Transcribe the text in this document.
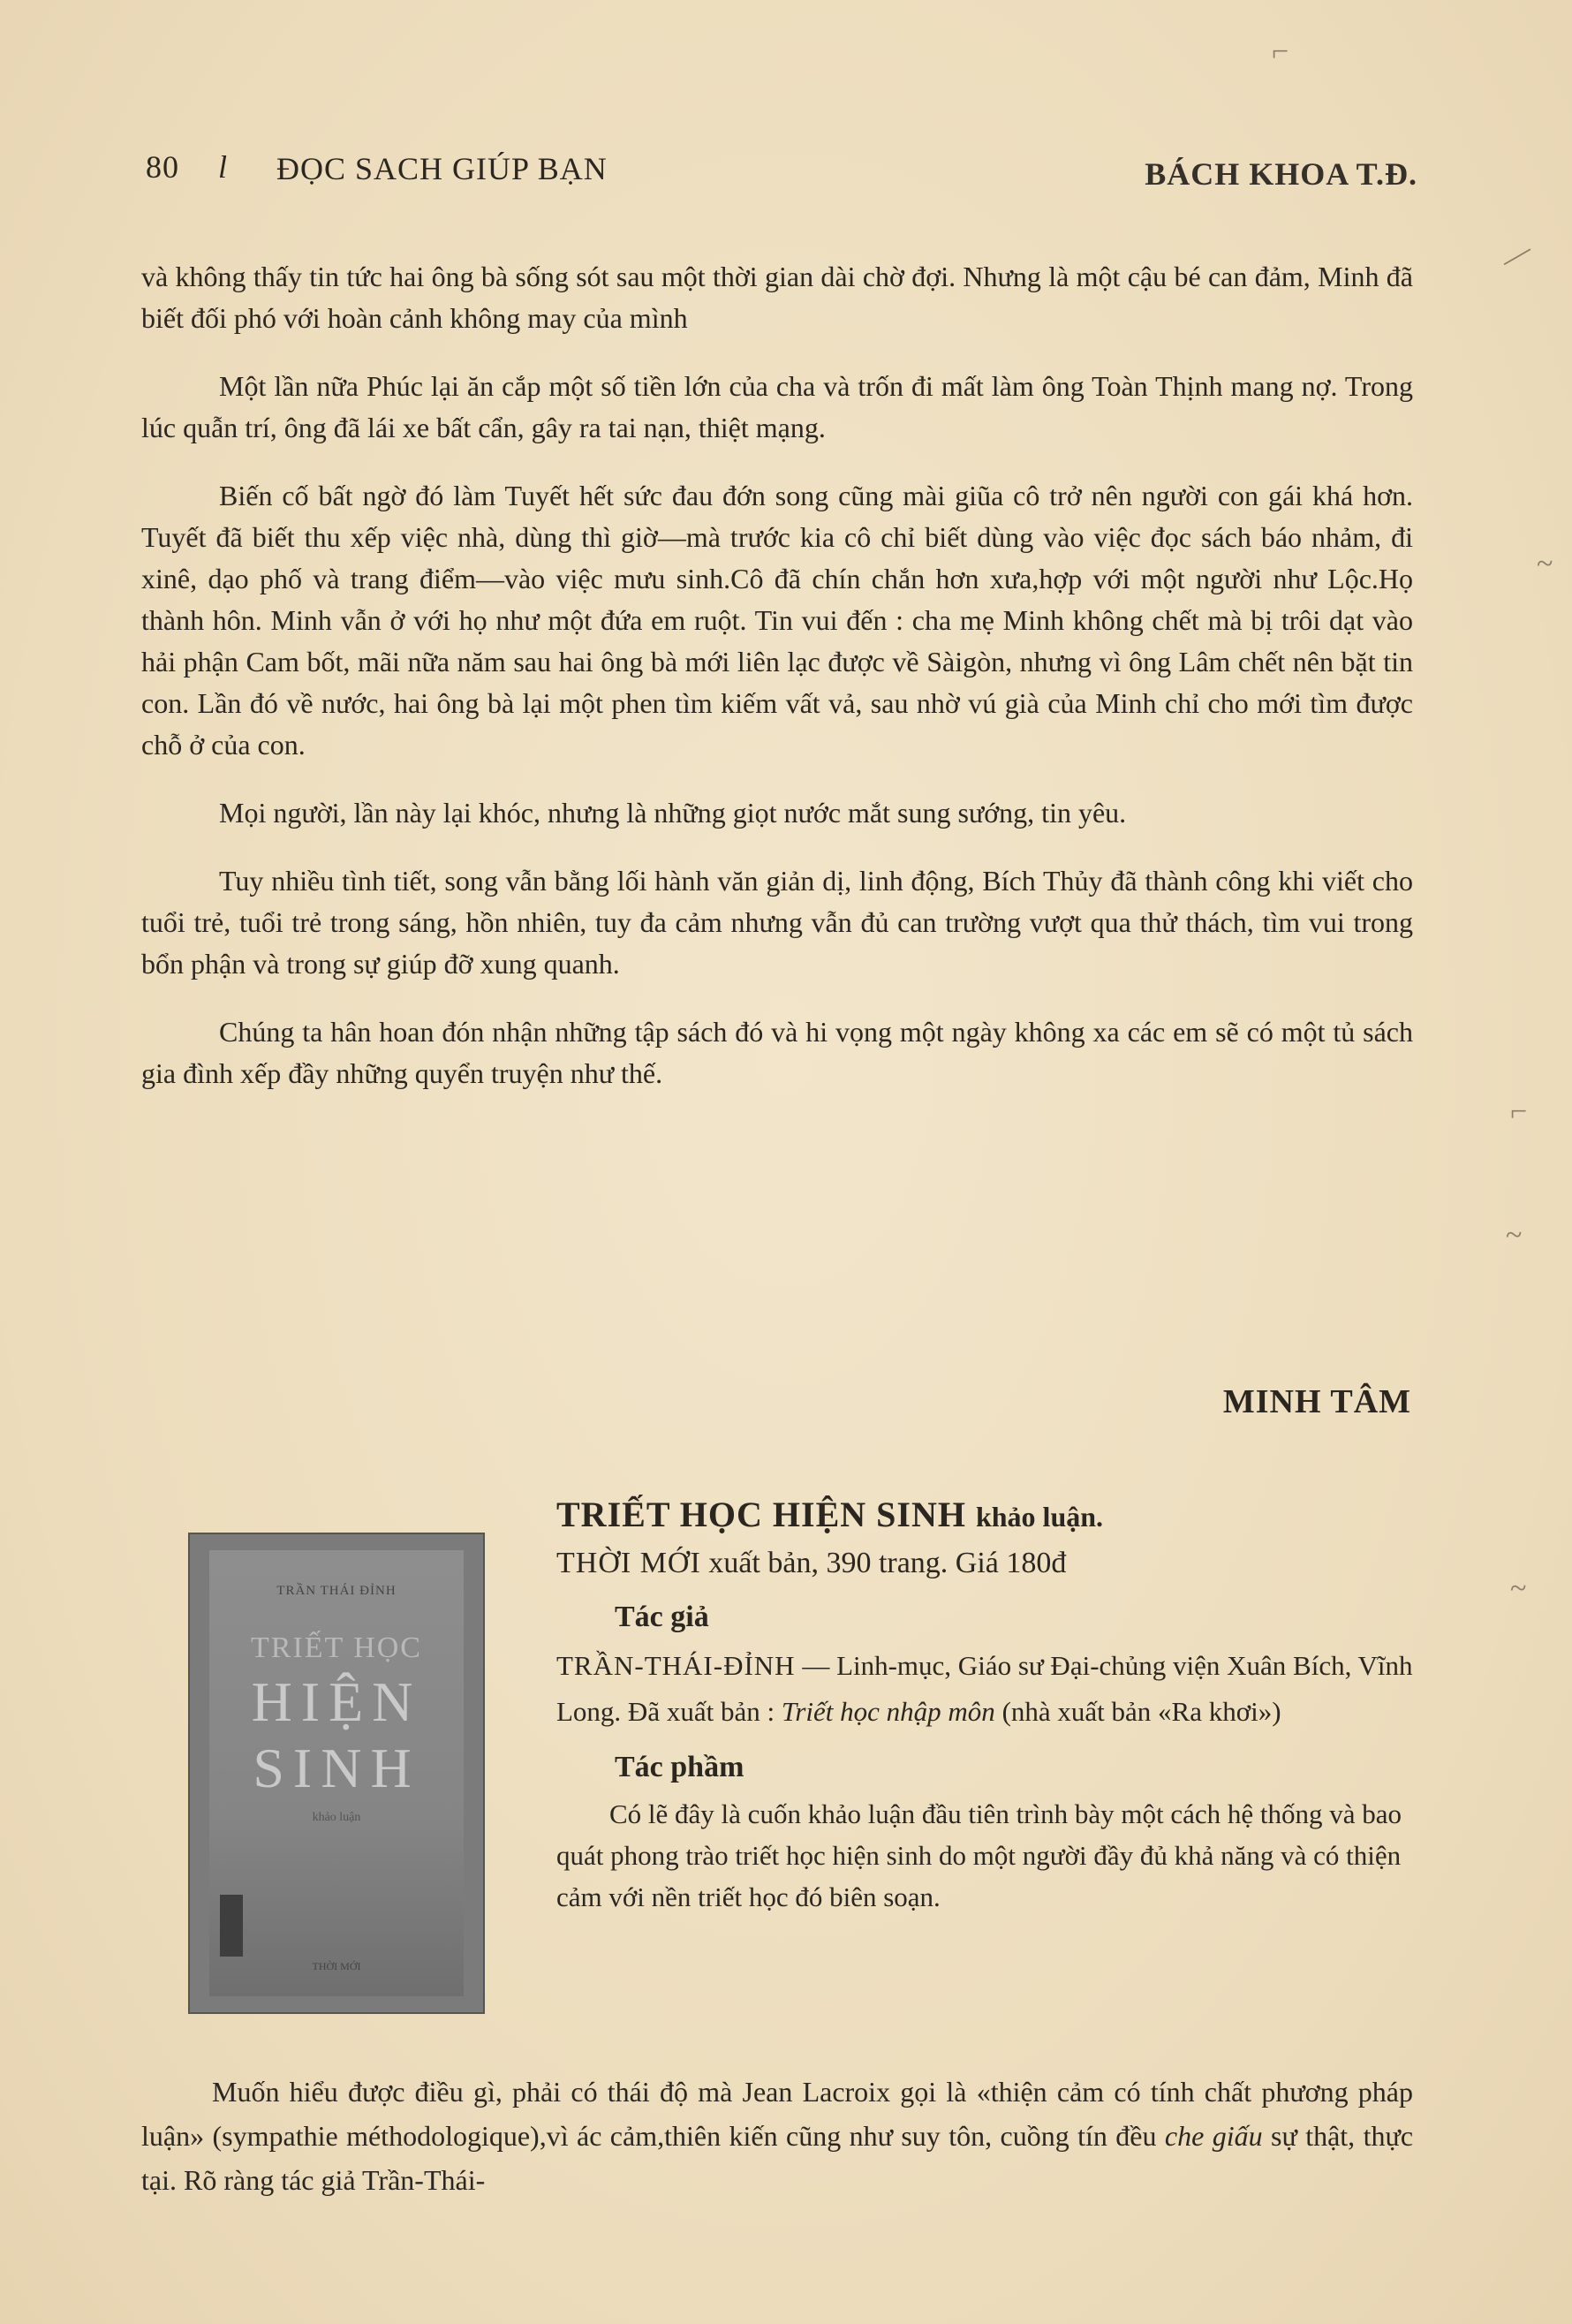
80 l ĐỌC SACH GIÚP BẠN	BÁCH KHOA T.Đ.

và không thấy tin tức hai ông bà sống sót sau một thời gian dài chờ đợi. Nhưng là một cậu bé can đảm, Minh đã biết đối phó với hoàn cảnh không may của mình

Một lần nữa Phúc lại ăn cắp một số tiền lớn của cha và trốn đi mất làm ông Toàn Thịnh mang nợ. Trong lúc quẫn trí, ông đã lái xe bất cẩn, gây ra tai nạn, thiệt mạng.

Biến cố bất ngờ đó làm Tuyết hết sức đau đớn song cũng mài giũa cô trở nên người con gái khá hơn. Tuyết đã biết thu xếp việc nhà, dùng thì giờ—mà trước kia cô chỉ biết dùng vào việc đọc sách báo nhảm, đi xinê, dạo phố và trang điểm—vào việc mưu sinh.Cô đã chín chắn hơn xưa,hợp với một người như Lộc.Họ thành hôn. Minh vẫn ở với họ như một đứa em ruột. Tin vui đến : cha mẹ Minh không chết mà bị trôi dạt vào hải phận Cam bốt, mãi nữa năm sau hai ông bà mới liên lạc được về Sàigòn, nhưng vì ông Lâm chết nên bặt tin con. Lần đó về nước, hai ông bà lại một phen tìm kiếm vất vả, sau nhờ vú già của Minh chỉ cho mới tìm được chỗ ở của con.

Mọi người, lần này lại khóc, nhưng là những giọt nước mắt sung sướng, tin yêu.

Tuy nhiều tình tiết, song vẫn bằng lối hành văn giản dị, linh động, Bích Thủy đã thành công khi viết cho tuổi trẻ, tuổi trẻ trong sáng, hồn nhiên, tuy đa cảm nhưng vẫn đủ can trường vượt qua thử thách, tìm vui trong bổn phận và trong sự giúp đỡ xung quanh.

Chúng ta hân hoan đón nhận những tập sách đó và hi vọng một ngày không xa các em sẽ có một tủ sách gia đình xếp đầy những quyển truyện như thế.

MINH TÂM
TRẦN THÁI ĐỈNH
TRIẾT HỌC
HIỆN
SINH
khảo luận
THỜI MỚI
TRIẾT HỌC HIỆN SINH khảo luận.
THỜI MỚI xuất bản, 390 trang. Giá 180đ
Tác giả
TRẦN-THÁI-ĐỈNH — Linh-mục, Giáo sư Đại-chủng viện Xuân Bích, Vĩnh Long. Đã xuất bản : Triết học nhập môn (nhà xuất bản «Ra khơi»)
Tác phầm
Có lẽ đây là cuốn khảo luận đầu tiên trình bày một cách hệ thống và bao quát phong trào triết học hiện sinh do một người đầy đủ khả năng và có thiện cảm với nền triết học đó biên soạn.

Muốn hiểu được điều gì, phải có thái độ mà Jean Lacroix gọi là «thiện cảm có tính chất phương pháp luận» (sympathie méthodologique),vì ác cảm,thiên kiến cũng như suy tôn, cuồng tín đều che giấu sự thật, thực tại. Rõ ràng tác giả Trần-Thái-

⌐
—
~
⌐
~
~
